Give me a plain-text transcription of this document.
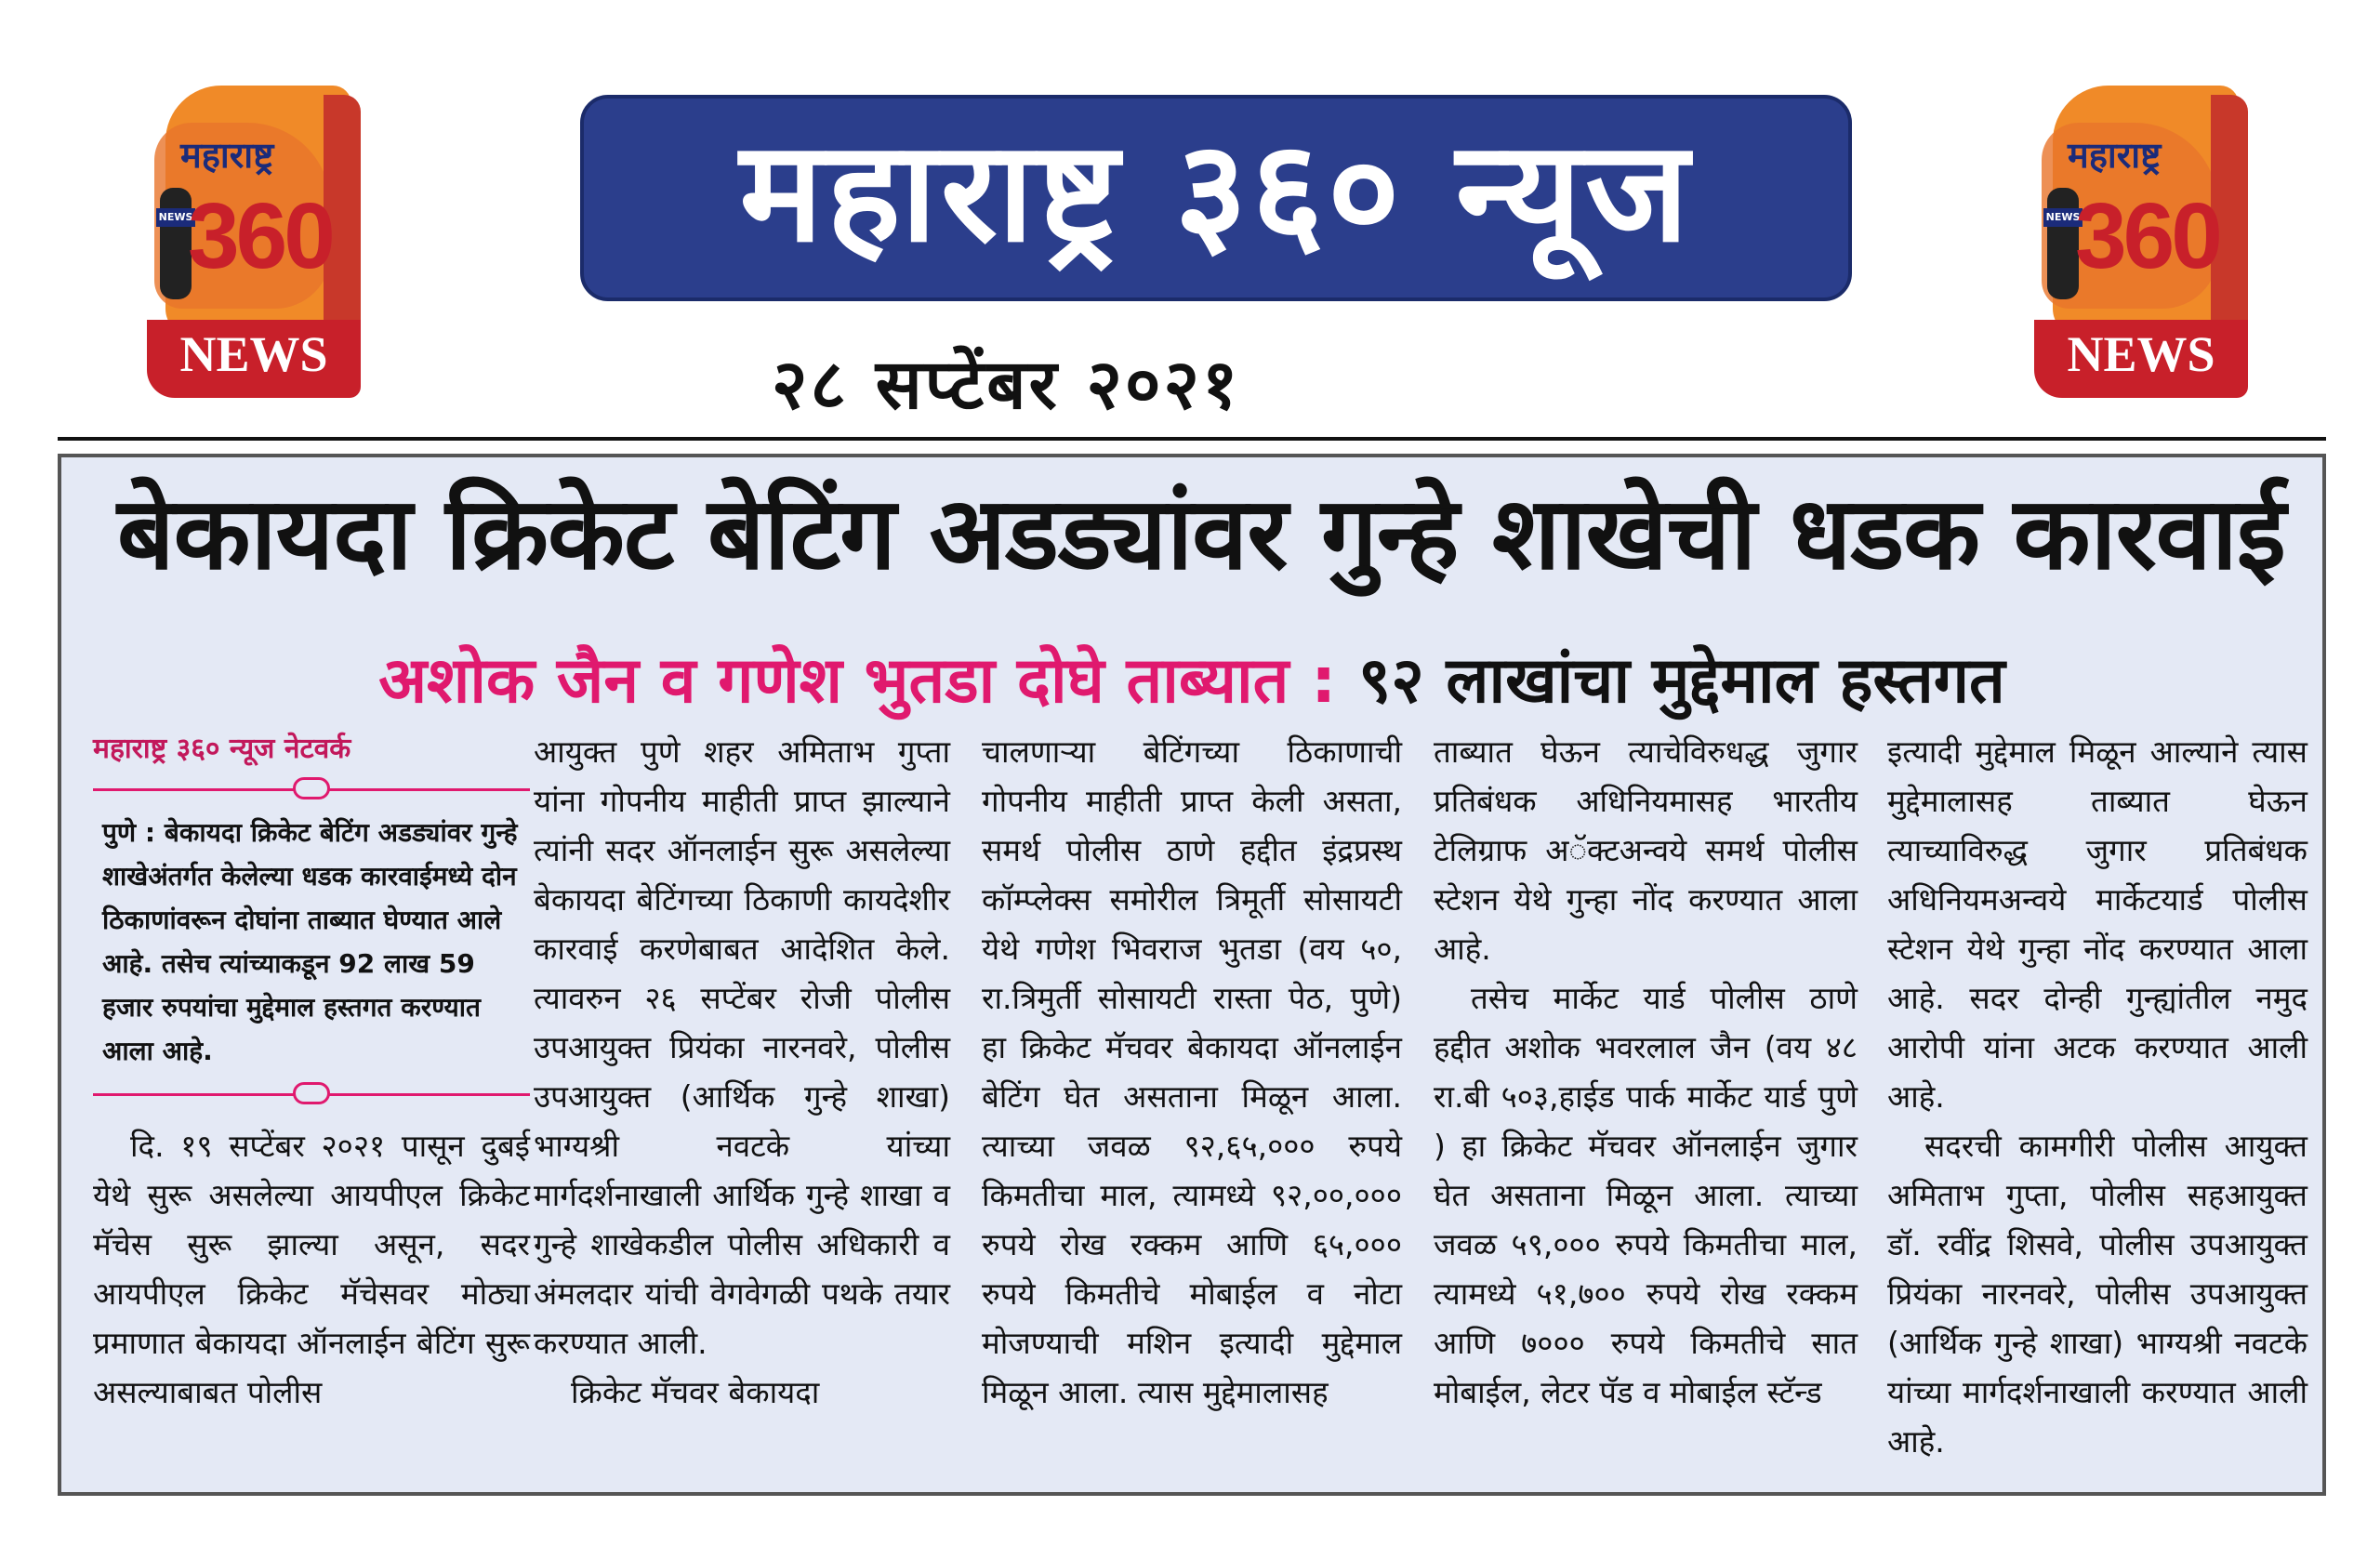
महाराष्ट्र
NEWS
360
NEWS
महाराष्ट्र ३६० न्यूज
२८ सप्टेंबर २०२१
महाराष्ट्र
NEWS
360
NEWS
बेकायदा क्रिकेट बेटिंग अडड्यांवर गुन्हे शाखेची धडक कारवाई
अशोक जैन व गणेश भुतडा दोघे ताब्यात : ९२ लाखांचा मुद्देमाल हस्तगत
महाराष्ट्र ३६० न्यूज नेटवर्क
पुणे : बेकायदा क्रिकेट बेटिंग अडड्यांवर गुन्हे शाखेअंतर्गत केलेल्या धडक कारवाईमध्ये दोन ठिकाणांवरून दोघांना ताब्यात घेण्यात आले आहे. तसेच त्यांच्याकडून 92 लाख 59 हजार रुपयांचा मुद्देमाल हस्तगत करण्यात आला आहे.

दि. १९ सप्टेंबर २०२१ पासून दुबई येथे सुरू असलेल्या आयपीएल क्रिकेट मॅचेस सुरू झाल्या असून, सदर आयपीएल क्रिकेट मॅचेसवर मोठ्या प्रमाणात बेकायदा ऑनलाईन बेटिंग सुरू असल्याबाबत पोलीस

आयुक्त पुणे शहर अमिताभ गुप्ता यांना गोपनीय माहीती प्राप्त झाल्याने त्यांनी सदर ऑनलाईन सुरू असलेल्या बेकायदा बेटिंगच्या ठिकाणी कायदेशीर कारवाई करणेबाबत आदेशित केले. त्यावरुन २६ सप्टेंबर रोजी पोलीस उपआयुक्त प्रियंका नारनवरे, पोलीस उपआयुक्त (आर्थिक गुन्हे शाखा) भाग्यश्री नवटके यांच्या मार्गदर्शनाखाली आर्थिक गुन्हे शाखा व गुन्हे शाखेकडील पोलीस अधिकारी व अंमलदार यांची वेगवेगळी पथके तयार करण्यात आली.

क्रिकेट मॅचवर बेकायदा

चालणाऱ्या बेटिंगच्या ठिकाणाची गोपनीय माहीती प्राप्त केली असता, समर्थ पोलीस ठाणे हद्दीत इंद्रप्रस्थ कॉम्प्लेक्स समोरील त्रिमूर्ती सोसायटी येथे गणेश भिवराज भुतडा (वय ५०, रा.त्रिमुर्ती सोसायटी रास्ता पेठ, पुणे) हा क्रिकेट मॅचवर बेकायदा ऑनलाईन बेटिंग घेत असताना मिळून आला. त्याच्या जवळ ९२,६५,००० रुपये किमतीचा माल, त्यामध्ये ९२,००,००० रुपये रोख रक्कम आणि ६५,००० रुपये किमतीचे मोबाईल व नोटा मोजण्याची मशिन इत्यादी मुद्देमाल मिळून आला. त्यास मुद्देमालासह

ताब्यात घेऊन त्याचेविरुधद्ध जुगार प्रतिबंधक अधिनियमासह भारतीय टेलिग्राफ अॅक्टअन्वये समर्थ पोलीस स्टेशन येथे गुन्हा नोंद करण्यात आला आहे.

तसेच मार्केट यार्ड पोलीस ठाणे हद्दीत अशोक भवरलाल जैन (वय ४८ रा.बी ५०३,हाईड पार्क मार्केट यार्ड पुणे ) हा क्रिकेट मॅचवर ऑनलाईन जुगार घेत असताना मिळून आला. त्याच्या जवळ ५९,००० रुपये किमतीचा माल, त्यामध्ये ५१,७०० रुपये रोख रक्कम आणि ७००० रुपये किमतीचे सात मोबाईल, लेटर पॅड व मोबाईल स्टॅन्ड

इत्यादी मुद्देमाल मिळून आल्याने त्यास मुद्देमालासह ताब्यात घेऊन त्याच्याविरुद्ध जुगार प्रतिबंधक अधिनियमअन्वये मार्केटयार्ड पोलीस स्टेशन येथे गुन्हा नोंद करण्यात आला आहे. सदर दोन्ही गुन्ह्यांतील नमुद आरोपी यांना अटक करण्यात आली आहे.

सदरची कामगीरी पोलीस आयुक्त अमिताभ गुप्ता, पोलीस सहआयुक्त डॉ. रवींद्र शिसवे, पोलीस उपआयुक्त प्रियंका नारनवरे, पोलीस उपआयुक्त (आर्थिक गुन्हे शाखा) भाग्यश्री नवटके यांच्या मार्गदर्शनाखाली करण्यात आली आहे.
